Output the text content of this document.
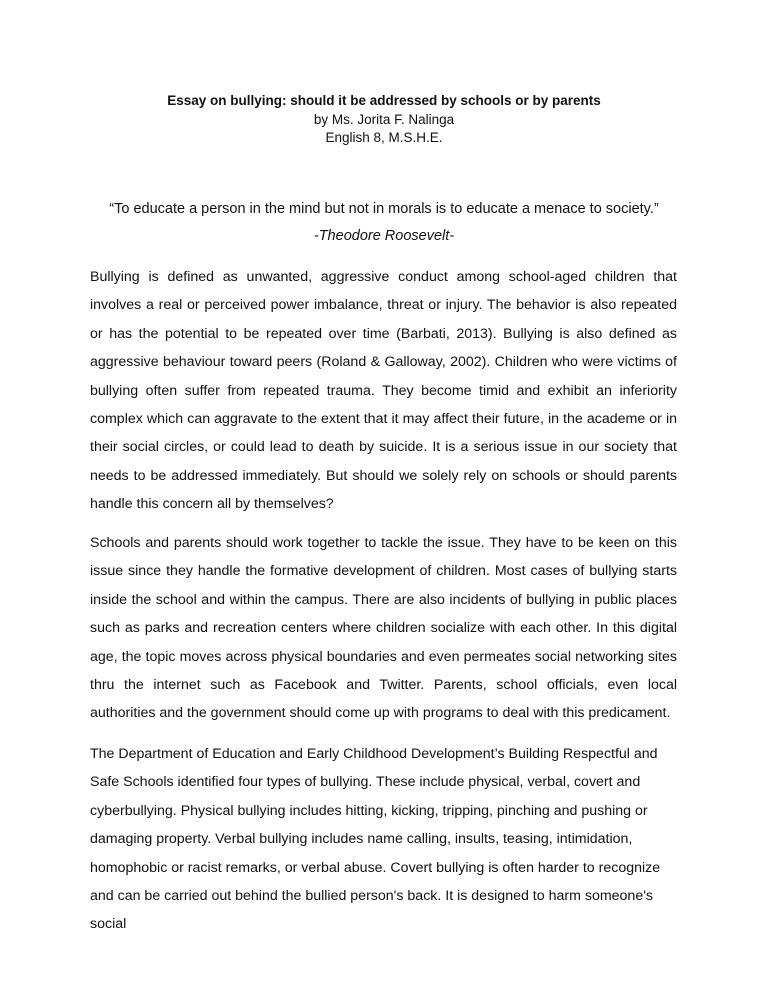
Essay on bullying: should it be addressed by schools or by parents
by Ms. Jorita F. Nalinga
English 8, M.S.H.E.
“To educate a person in the mind but not in morals is to educate a menace to society.”
-Theodore Roosevelt-

Bullying is defined as unwanted, aggressive conduct among school-aged children that involves a real or perceived power imbalance, threat or injury. The behavior is also repeated or has the potential to be repeated over time (Barbati, 2013). Bullying is also defined as aggressive behaviour toward peers (Roland & Galloway, 2002). Children who were victims of bullying often suffer from repeated trauma. They become timid and exhibit an inferiority complex which can aggravate to the extent that it may affect their future, in the academe or in their social circles, or could lead to death by suicide. It is a serious issue in our society that needs to be addressed immediately. But should we solely rely on schools or should parents handle this concern all by themselves?

Schools and parents should work together to tackle the issue. They have to be keen on this issue since they handle the formative development of children. Most cases of bullying starts inside the school and within the campus. There are also incidents of bullying in public places such as parks and recreation centers where children socialize with each other. In this digital age, the topic moves across physical boundaries and even permeates social networking sites thru the internet such as Facebook and Twitter. Parents, school officials, even local authorities and the government should come up with programs to deal with this predicament.

The Department of Education and Early Childhood Development’s Building Respectful and Safe Schools identified four types of bullying. These include physical, verbal, covert and cyberbullying. Physical bullying includes hitting, kicking, tripping, pinching and pushing or damaging property. Verbal bullying includes name calling, insults, teasing, intimidation, homophobic or racist remarks, or verbal abuse. Covert bullying is often harder to recognize and can be carried out behind the bullied person's back. It is designed to harm someone's social
